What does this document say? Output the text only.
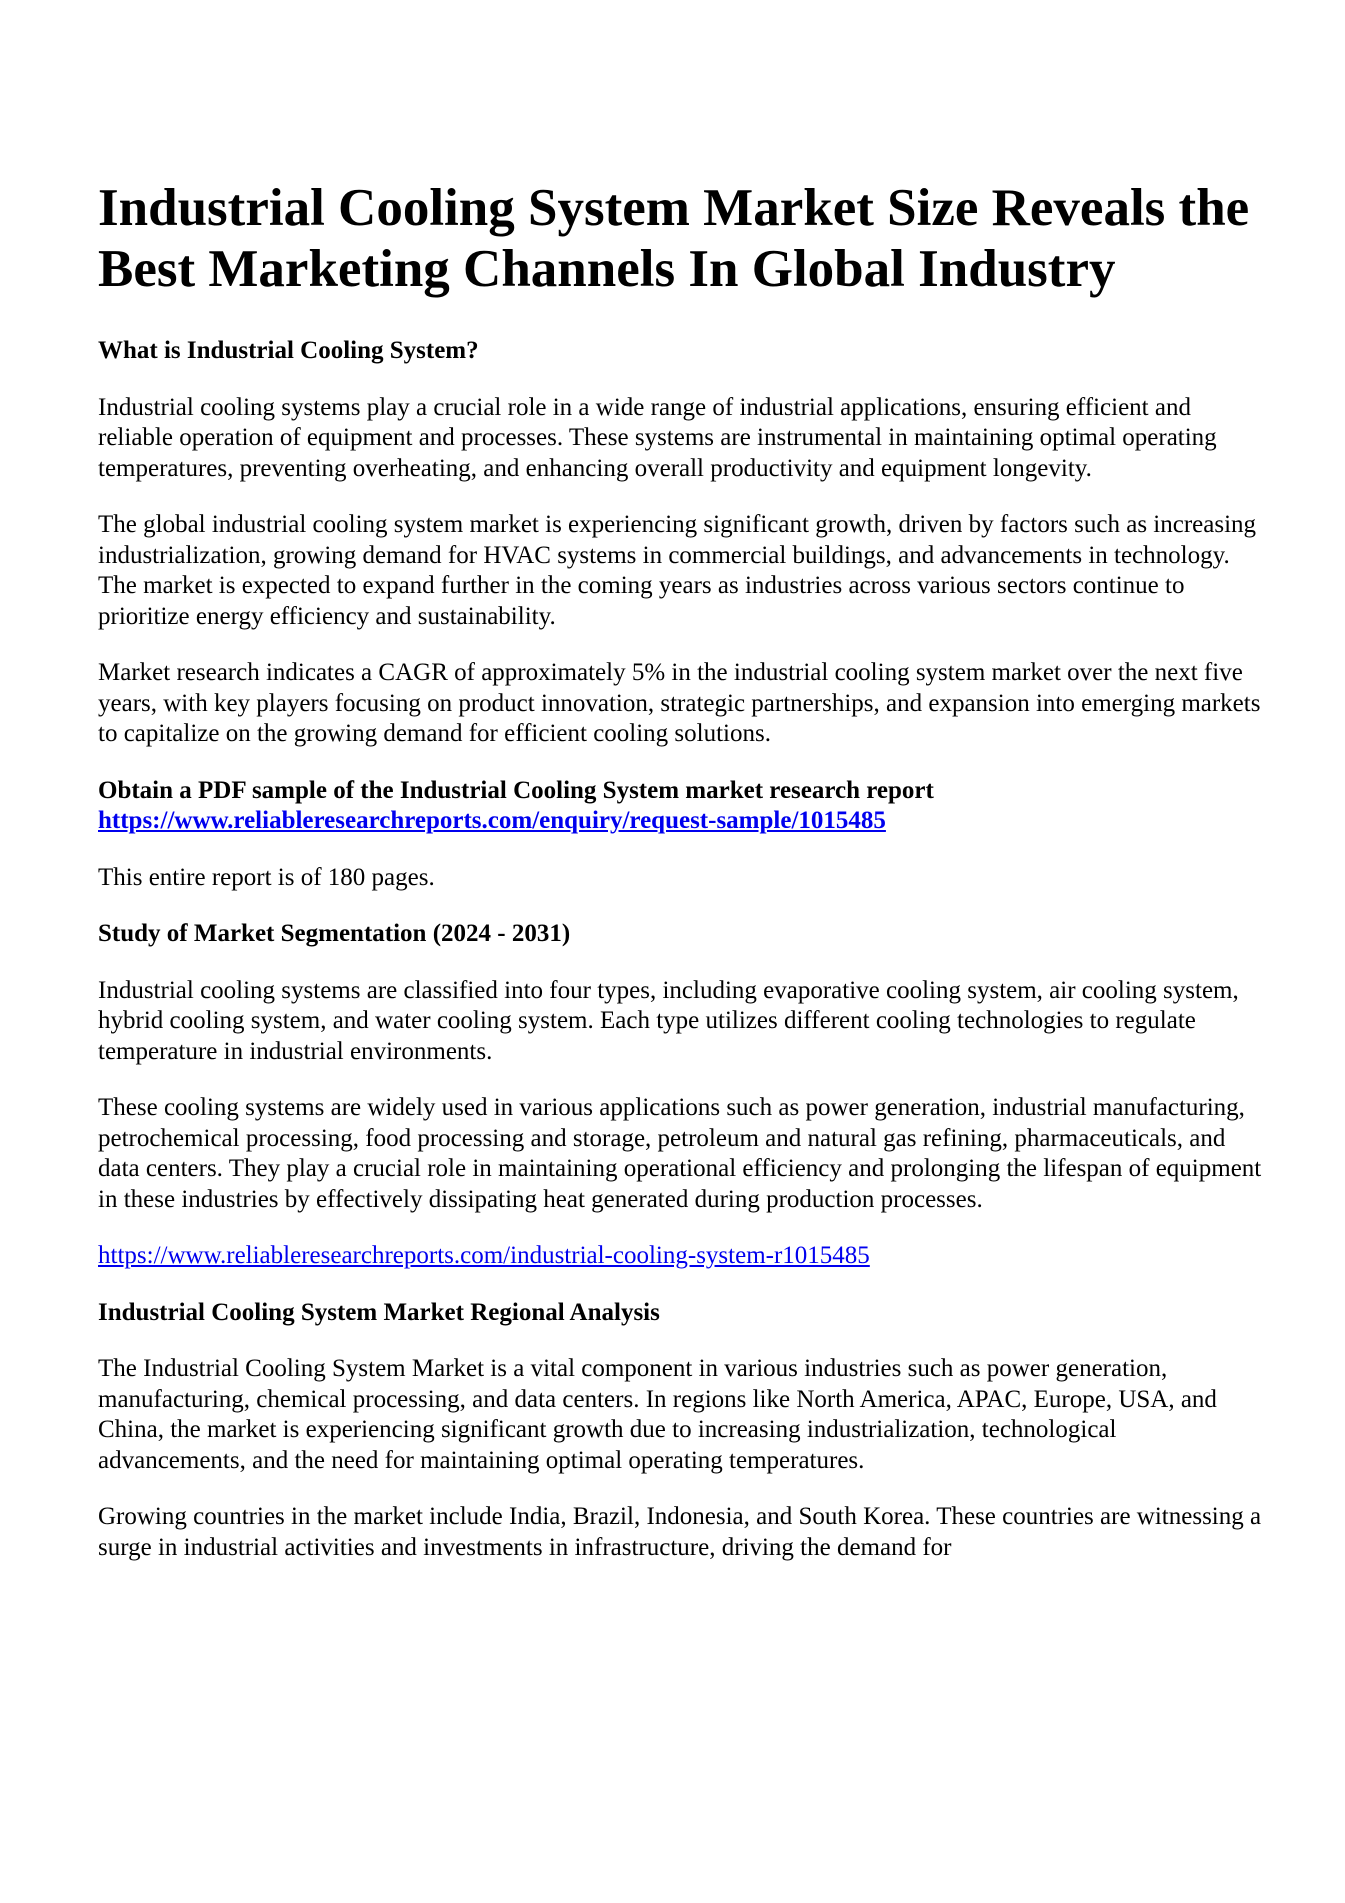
Industrial Cooling System Market Size Reveals the Best Marketing Channels In Global Industry

What is Industrial Cooling System?

Industrial cooling systems play a crucial role in a wide range of industrial applications, ensuring efficient and reliable operation of equipment and processes. These systems are instrumental in maintaining optimal operating temperatures, preventing overheating, and enhancing overall productivity and equipment longevity.

The global industrial cooling system market is experiencing significant growth, driven by factors such as increasing industrialization, growing demand for HVAC systems in commercial buildings, and advancements in technology. The market is expected to expand further in the coming years as industries across various sectors continue to prioritize energy efficiency and sustainability.

Market research indicates a CAGR of approximately 5% in the industrial cooling system market over the next five years, with key players focusing on product innovation, strategic partnerships, and expansion into emerging markets to capitalize on the growing demand for efficient cooling solutions.

Obtain a PDF sample of the Industrial Cooling System market research report https://www.reliableresearchreports.com/enquiry/request-sample/1015485

This entire report is of 180 pages.

Study of Market Segmentation (2024 - 2031)

Industrial cooling systems are classified into four types, including evaporative cooling system, air cooling system, hybrid cooling system, and water cooling system. Each type utilizes different cooling technologies to regulate temperature in industrial environments.

These cooling systems are widely used in various applications such as power generation, industrial manufacturing, petrochemical processing, food processing and storage, petroleum and natural gas refining, pharmaceuticals, and data centers. They play a crucial role in maintaining operational efficiency and prolonging the lifespan of equipment in these industries by effectively dissipating heat generated during production processes.

https://www.reliableresearchreports.com/industrial-cooling-system-r1015485

Industrial Cooling System Market Regional Analysis

The Industrial Cooling System Market is a vital component in various industries such as power generation, manufacturing, chemical processing, and data centers. In regions like North America, APAC, Europe, USA, and China, the market is experiencing significant growth due to increasing industrialization, technological advancements, and the need for maintaining optimal operating temperatures.

Growing countries in the market include India, Brazil, Indonesia, and South Korea. These countries are witnessing a surge in industrial activities and investments in infrastructure, driving the demand for
